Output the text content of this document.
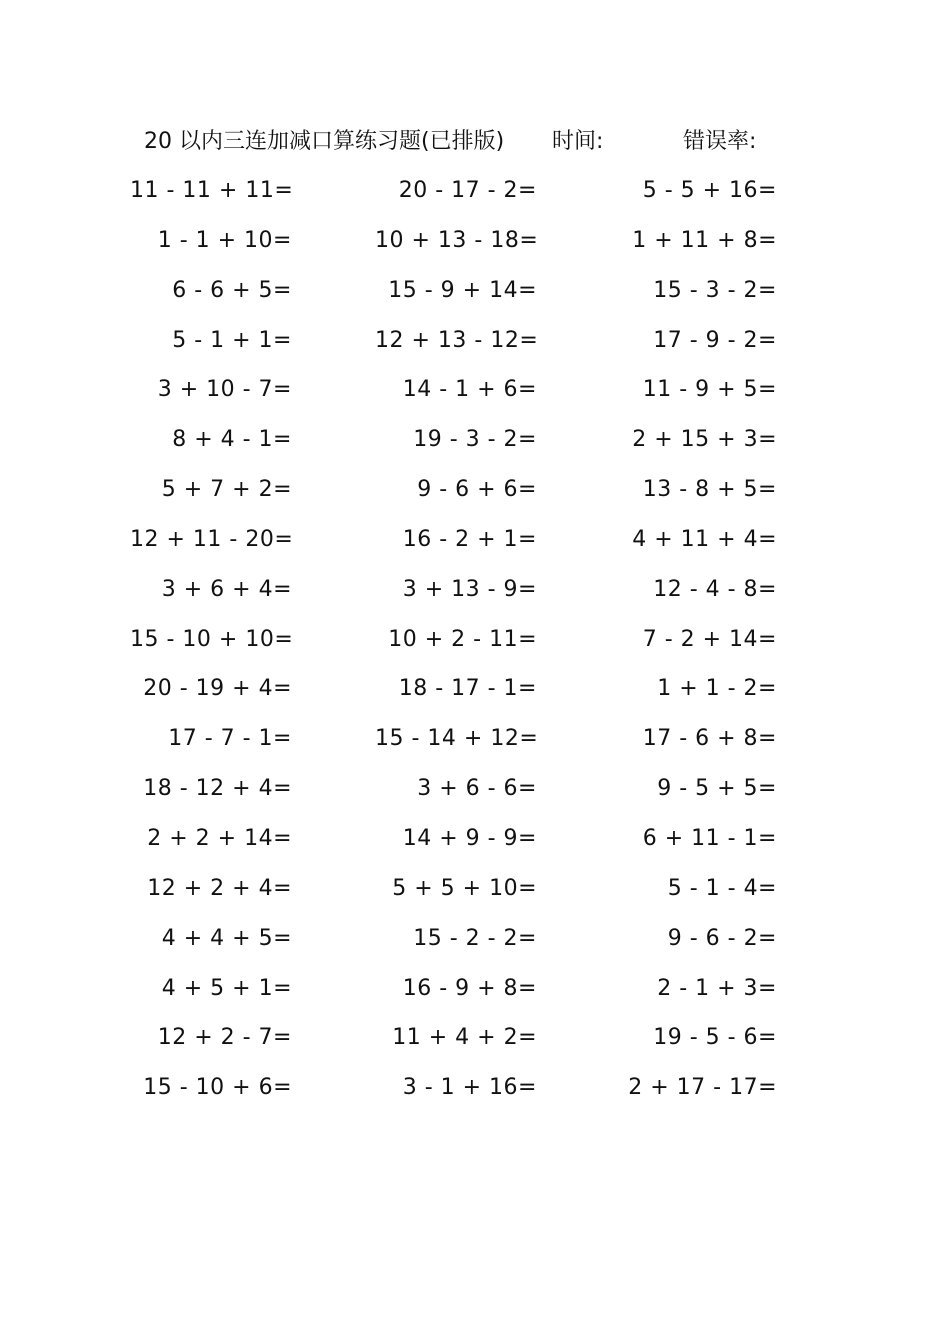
20 以内三连加减口算练习题(已排版) 时间:	错误率:
11 - 11 + 11=	20 - 17 - 2=	5 - 5 + 16=
1 - 1 + 10=	10 + 13 - 18=	1 + 11 + 8=
6 - 6 + 5=	15 - 9 + 14=	15 - 3 - 2=
5 - 1 + 1=	12 + 13 - 12=	17 - 9 - 2=
3 + 10 - 7=	14 - 1 + 6=	11 - 9 + 5=
8 + 4 - 1=	19 - 3 - 2=	2 + 15 + 3=
5 + 7 + 2=	9 - 6 + 6=	13 - 8 + 5=
12 + 11 - 20=	16 - 2 + 1=	4 + 11 + 4=
3 + 6 + 4=	3 + 13 - 9=	12 - 4 - 8=
15 - 10 + 10=	10 + 2 - 11=	7 - 2 + 14=
20 - 19 + 4=	18 - 17 - 1=	1 + 1 - 2=
17 - 7 - 1=	15 - 14 + 12=	17 - 6 + 8=
18 - 12 + 4=	3 + 6 - 6=	9 - 5 + 5=
2 + 2 + 14=	14 + 9 - 9=	6 + 11 - 1=
12 + 2 + 4=	5 + 5 + 10=	5 - 1 - 4=
4 + 4 + 5=	15 - 2 - 2=	9 - 6 - 2=
4 + 5 + 1=	16 - 9 + 8=	2 - 1 + 3=
12 + 2 - 7=	11 + 4 + 2=	19 - 5 - 6=
15 - 10 + 6=	3 - 1 + 16=	2 + 17 - 17=
